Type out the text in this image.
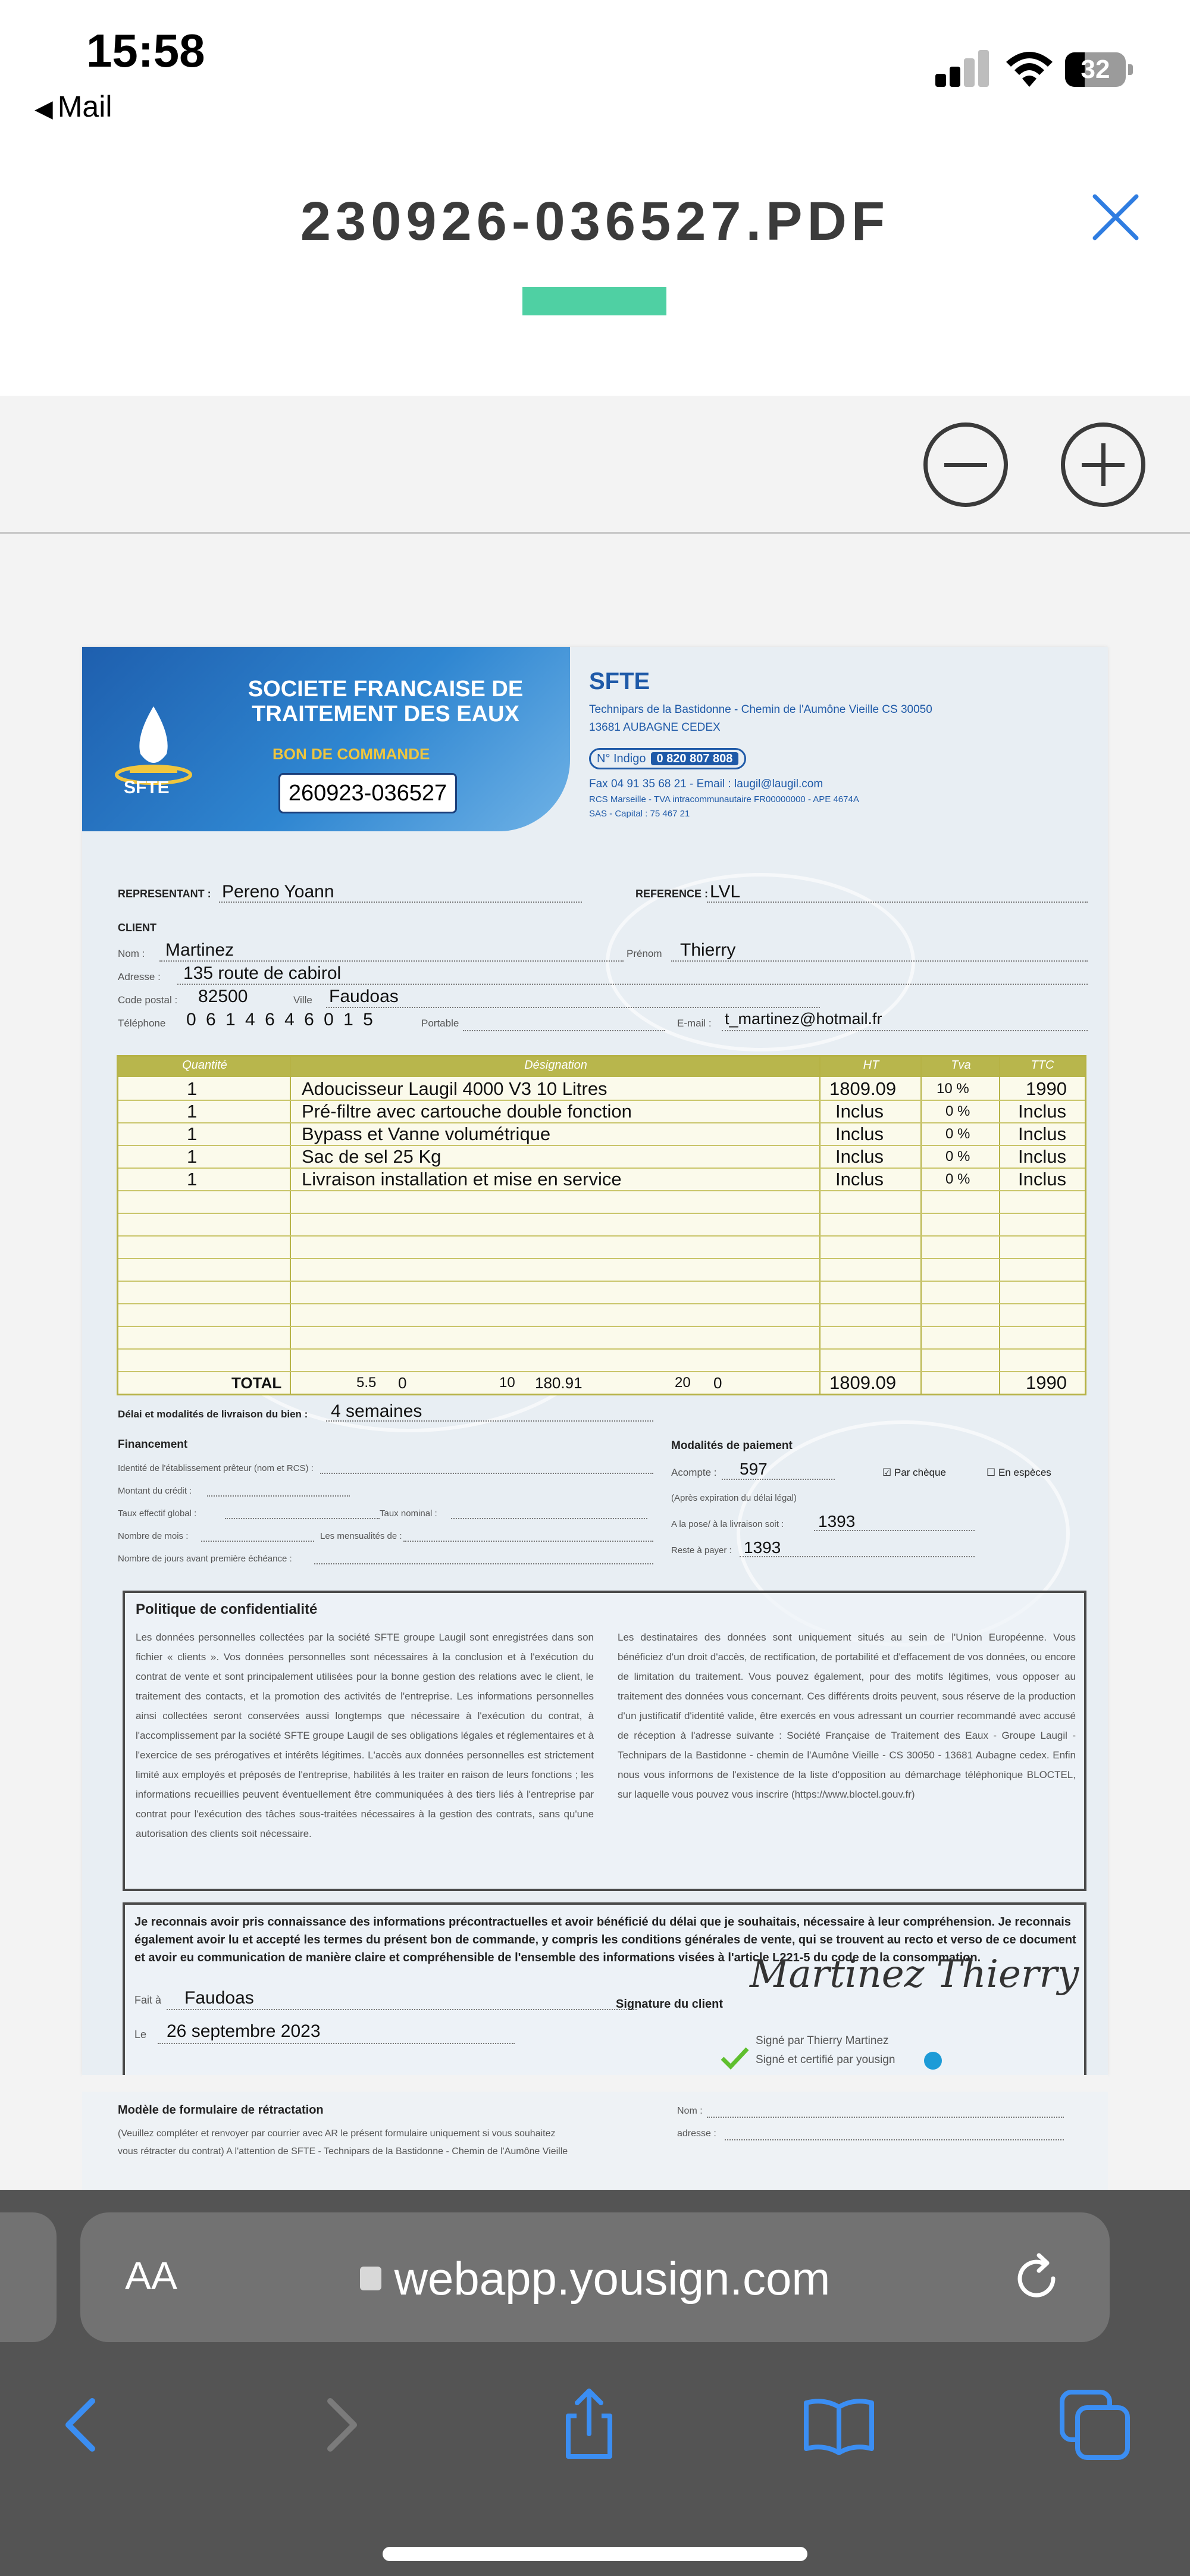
15:58
◀ Mail
32
230926-036527.PDF
SFTE
SOCIETE FRANCAISE DE TRAITEMENT DES EAUX
BON DE COMMANDE
260923-036527
SFTE
Technipars de la Bastidonne - Chemin de l'Aumône Vieille CS 30050
13681 AUBAGNE CEDEX
N° Indigo 0 820 807 808
Fax 04 91 35 68 21 - Email : laugil@laugil.com
RCS Marseille - TVA intracommunautaire FR00000000 - APE 4674A
SAS - Capital : 75 467 21
REPRESENTANT : Pereno Yoann	REFERENCE : LVL
CLIENT
Nom : Martinez	Prénom Thierry
Adresse : 135 route de cabirol
Code postal : 82500	Ville Faudoas
Téléphone 0 6 1 4 6 4 6 0 1 5	Portable	E-mail : t_martinez@hotmail.fr
Quantité	Désignation	HT	Tva	TTC
1	Adoucisseur Laugil 4000 V3 10 Litres	1809.09	10 %	1990
1	Pré-filtre avec cartouche double fonction	Inclus	0 %	Inclus
1	Bypass et Vanne volumétrique	Inclus	0 %	Inclus
1	Sac de sel 25 Kg	Inclus	0 %	Inclus
1	Livraison installation et mise en service	Inclus	0 %	Inclus
TOTAL	5.5 0	10 180.91	20 0	1809.09	1990
Délai et modalités de livraison du bien : 4 semaines
Financement
Identité de l'établissement prêteur (nom et RCS) :
Montant du crédit :
Taux effectif global :	Taux nominal :
Nombre de mois :	Les mensualités de :
Nombre de jours avant première échéance :
Modalités de paiement
Acompte : 597	☑ Par chèque	☐ En espèces
(Après expiration du délai légal)
A la pose/ à la livraison soit : 1393
Reste à payer : 1393
Politique de confidentialité
Les données personnelles collectées par la société SFTE groupe Laugil sont enregistrées dans son fichier « clients ». Vos données personnelles sont nécessaires à la conclusion et à l'exécution du contrat de vente et sont principalement utilisées pour la bonne gestion des relations avec le client, le traitement des contacts, et la promotion des activités de l'entreprise. Les informations personnelles ainsi collectées seront conservées aussi longtemps que nécessaire à l'exécution du contrat, à l'accomplissement par la société SFTE groupe Laugil de ses obligations légales et réglementaires et à l'exercice de ses prérogatives et intérêts légitimes. L'accès aux données personnelles est strictement limité aux employés et préposés de l'entreprise, habilités à les traiter en raison de leurs fonctions ; les informations recueillies peuvent éventuellement être communiquées à des tiers liés à l'entreprise par contrat pour l'exécution des tâches sous-traitées nécessaires à la gestion des contrats, sans qu'une autorisation des clients soit nécessaire.
Les destinataires des données sont uniquement situés au sein de l'Union Européenne. Vous bénéficiez d'un droit d'accès, de rectification, de portabilité et d'effacement de vos données, ou encore de limitation du traitement. Vous pouvez également, pour des motifs légitimes, vous opposer au traitement des données vous concernant. Ces différents droits peuvent, sous réserve de la production d'un justificatif d'identité valide, être exercés en vous adressant un courrier recommandé avec accusé de réception à l'adresse suivante : Société Française de Traitement des Eaux - Groupe Laugil - Technipars de la Bastidonne - chemin de l'Aumône Vieille - CS 30050 - 13681 Aubagne cedex. Enfin nous vous informons de l'existence de la liste d'opposition au démarchage téléphonique BLOCTEL, sur laquelle vous pouvez vous inscrire (https://www.bloctel.gouv.fr)
Je reconnais avoir pris connaissance des informations précontractuelles et avoir bénéficié du délai que je souhaitais, nécessaire à leur compréhension. Je reconnais également avoir lu et accepté les termes du présent bon de commande, y compris les conditions générales de vente, qui se trouvent au recto et verso de ce document et avoir eu communication de manière claire et compréhensible de l'ensemble des informations visées à l'article L221-5 du code de la consommation.
Fait à Faudoas
Le 26 septembre 2023
Signature du client
Martinez Thierry
Signé par Thierry Martinez
Signé et certifié par yousign
Modèle de formulaire de rétractation
(Veuillez compléter et renvoyer par courrier avec AR le présent formulaire uniquement si vous souhaitez
vous rétracter du contrat) A l'attention de SFTE - Technipars de la Bastidonne - Chemin de l'Aumône Vieille
Nom :
adresse :
AA	webapp.yousign.com
